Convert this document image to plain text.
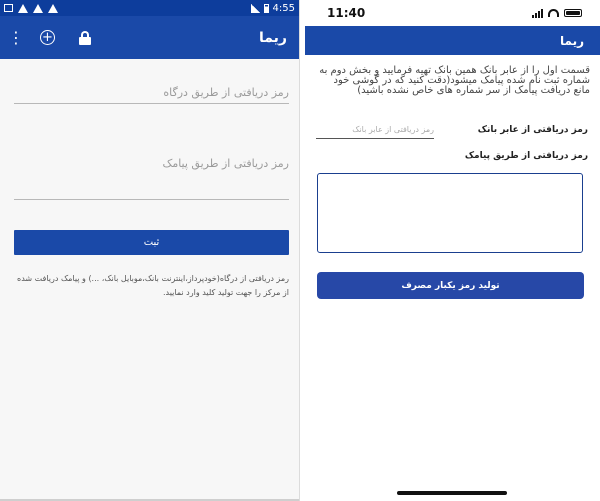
4:55
⋮ +	ریما
رمز دریافتی از طریق درگاه
رمز دریافتی از طریق پیامک
ثبت
رمز دریافتی از درگاه(خودپرداز،اینترنت بانک،موبایل بانک، ...) و پیامک دریافت شده از مرکز را جهت تولید کلید وارد نمایید.
11:40
ریما
قسمت اول را از عابر بانک همین بانک تهیه فرمایید و بخش دوم به شماره ثبت نام شده پیامک میشود(دقت کنید که در گوشی خود مانع دریافت پیامک از سر شماره های خاص نشده باشید)
رمز دریافتی از عابر بانک
رمز دریافتی از عابر بانک
رمز دریافتی از طریق پیامک
تولید رمز یکبار مصرف
